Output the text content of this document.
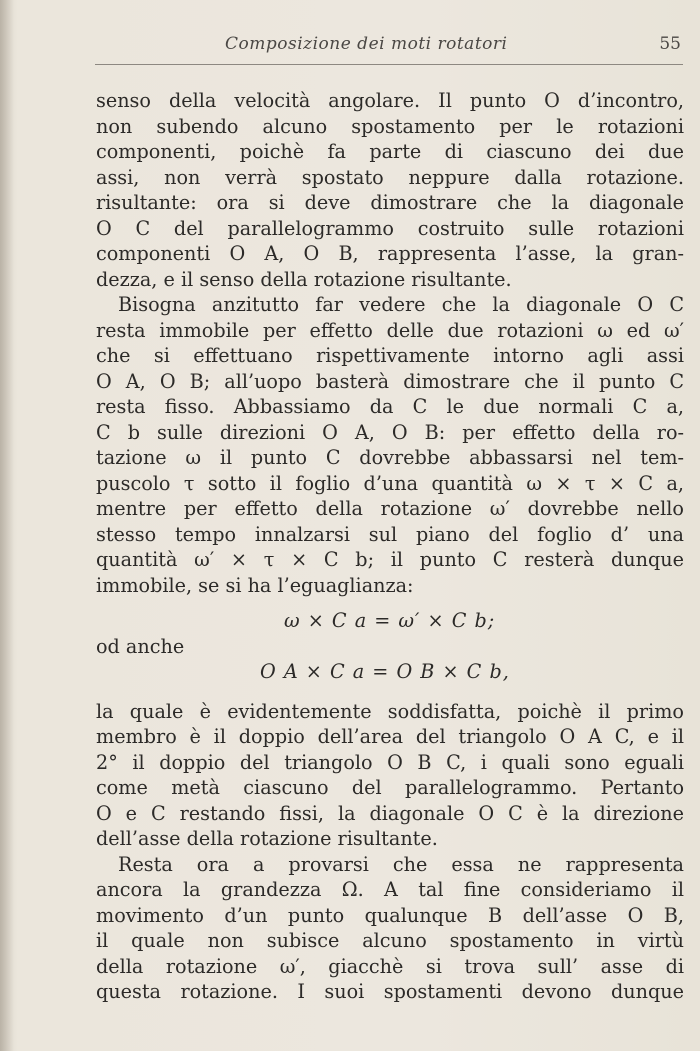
Composizione dei moti rotatori	55
senso della velocità angolare. Il punto O d’incontro,
non subendo alcuno spostamento per le rotazioni
componenti, poichè fa parte di ciascuno dei due
assi, non verrà spostato neppure dalla rotazione.
risultante: ora si deve dimostrare che la diagonale
O C del parallelogrammo costruito sulle rotazioni
componenti O A, O B, rappresenta l’asse, la gran-
dezza, e il senso della rotazione risultante.
Bisogna anzitutto far vedere che la diagonale O C
resta immobile per effetto delle due rotazioni ω ed ω′
che si effettuano rispettivamente intorno agli assi
O A, O B; all’uopo basterà dimostrare che il punto C
resta fisso. Abbassiamo da C le due normali C a,
C b sulle direzioni O A, O B: per effetto della ro-
tazione ω il punto C dovrebbe abbassarsi nel tem-
puscolo τ sotto il foglio d’una quantità ω × τ × C a,
mentre per effetto della rotazione ω′ dovrebbe nello
stesso tempo innalzarsi sul piano del foglio d’ una
quantità ω′ × τ × C b; il punto C resterà dunque
immobile, se si ha l’eguaglianza:
ω × C a = ω′ × C b;
od anche
O A × C a = O B × C b,
la quale è evidentemente soddisfatta, poichè il primo
membro è il doppio dell’area del triangolo O A C, e il
2° il doppio del triangolo O B C, i quali sono eguali
come metà ciascuno del parallelogrammo. Pertanto
O e C restando fissi, la diagonale O C è la direzione
dell’asse della rotazione risultante.
Resta ora a provarsi che essa ne rappresenta
ancora la grandezza Ω. A tal fine consideriamo il
movimento d’un punto qualunque B dell’asse O B,
il quale non subisce alcuno spostamento in virtù
della rotazione ω′, giacchè si trova sull’ asse di
questa rotazione. I suoi spostamenti devono dunque
